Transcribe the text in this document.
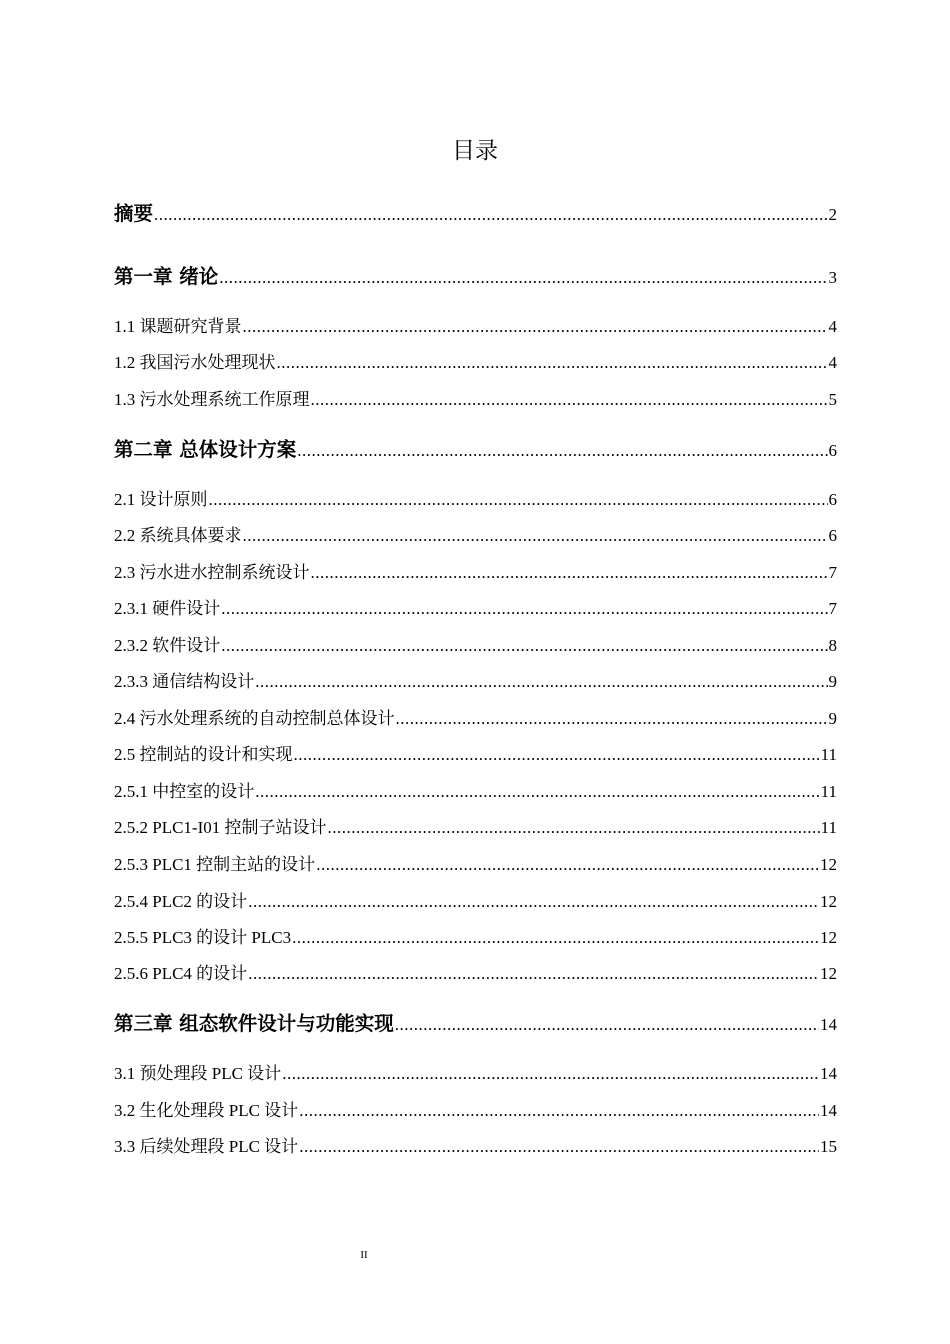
目录
摘要 .....	2
第一章 绪论 .....	3
1.1 课题研究背景 .....	4
1.2 我国污水处理现状 .....	4
1.3 污水处理系统工作原理 .....	5
第二章 总体设计方案 .....	6
2.1 设计原则 .....	6
2.2 系统具体要求 .....	6
2.3 污水进水控制系统设计 .....	7
2.3.1 硬件设计 .....	7
2.3.2 软件设计 .....	8
2.3.3 通信结构设计 .....	9
2.4 污水处理系统的自动控制总体设计 .....	9
2.5 控制站的设计和实现 .....	11
2.5.1 中控室的设计 .....	11
2.5.2 PLC1-I01 控制子站设计 .....	11
2.5.3 PLC1 控制主站的设计 .....	12
2.5.4 PLC2 的设计 .....	12
2.5.5 PLC3 的设计 PLC3 .....	12
2.5.6 PLC4 的设计 .....	12
第三章 组态软件设计与功能实现 .....	14
3.1 预处理段 PLC 设计 .....	14
3.2 生化处理段 PLC 设计 .....	14
3.3 后续处理段 PLC 设计 .....	15
II
